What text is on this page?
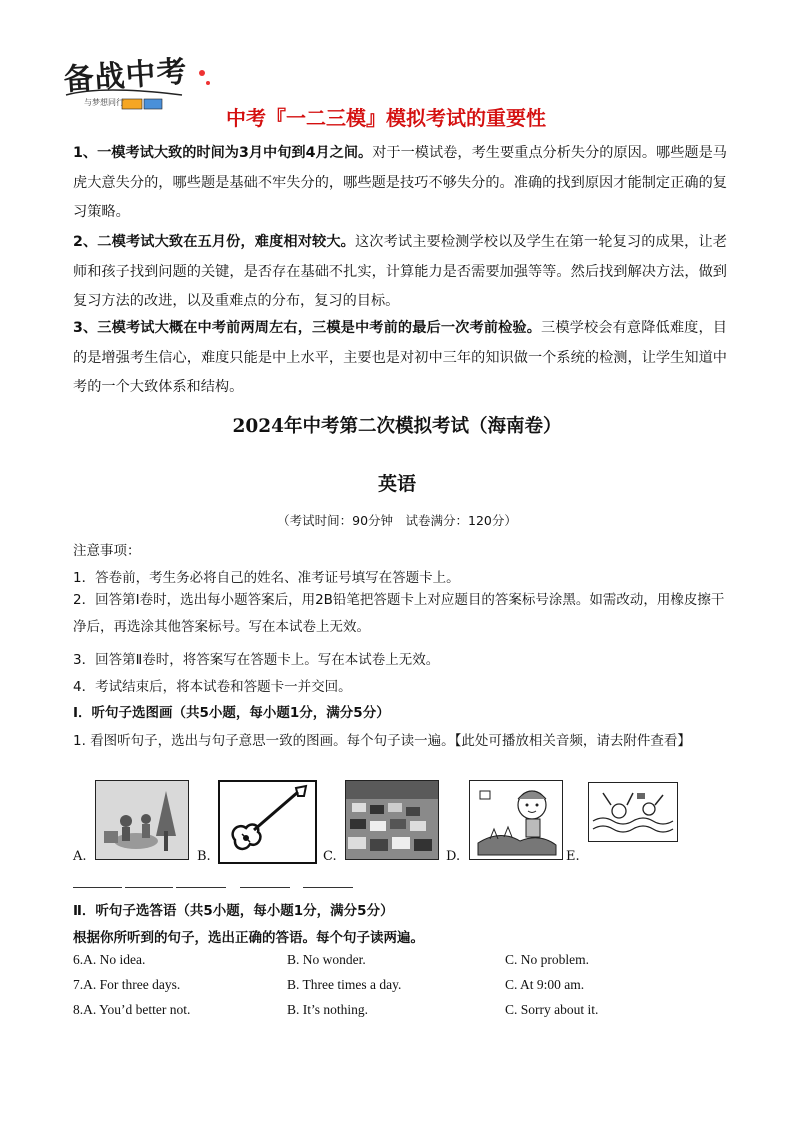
备战中考
与梦想同行
中考『一二三模』模拟考试的重要性
1、一模考试大致的时间为3月中旬到4月之间。对于一模试卷，考生要重点分析失分的原因。哪些题是马虎大意失分的，哪些题是基础不牢失分的，哪些题是技巧不够失分的。准确的找到原因才能制定正确的复习策略。
2、二模考试大致在五月份，难度相对较大。这次考试主要检测学校以及学生在第一轮复习的成果，让老师和孩子找到问题的关键，是否存在基础不扎实，计算能力是否需要加强等等。然后找到解决方法，做到复习方法的改进，以及重难点的分布，复习的目标。
3、三模考试大概在中考前两周左右，三模是中考前的最后一次考前检验。三模学校会有意降低难度，目的是增强考生信心，难度只能是中上水平，主要也是对初中三年的知识做一个系统的检测，让学生知道中考的一个大致体系和结构。
2024年中考第二次模拟考试（海南卷）
英语
（考试时间：90分钟　试卷满分：120分）
注意事项：
1．答卷前，考生务必将自己的姓名、准考证号填写在答题卡上。
2．回答第Ⅰ卷时，选出每小题答案后，用2B铅笔把答题卡上对应题目的答案标号涂黑。如需改动，用橡皮擦干净后，再选涂其他答案标号。写在本试卷上无效。
3．回答第Ⅱ卷时，将答案写在答题卡上。写在本试卷上无效。
4．考试结束后，将本试卷和答题卡一并交回。
Ⅰ．听句子选图画（共5小题，每小题1分，满分5分）
1. 看图听句子，选出与句子意思一致的图画。每个句子读一遍。【此处可播放相关音频，请去附件查看】
A.	B.	C.	D.	E.
Ⅱ．听句子选答语（共5小题，每小题1分，满分5分）
根据你所听到的句子，选出正确的答语。每个句子读两遍。
6.A. No idea.	B. No wonder.	C. No problem.
7.A. For three days.	B. Three times a day.	C. At 9:00 am.
8.A. You’d better not.	B. It’s nothing.	C. Sorry about it.
